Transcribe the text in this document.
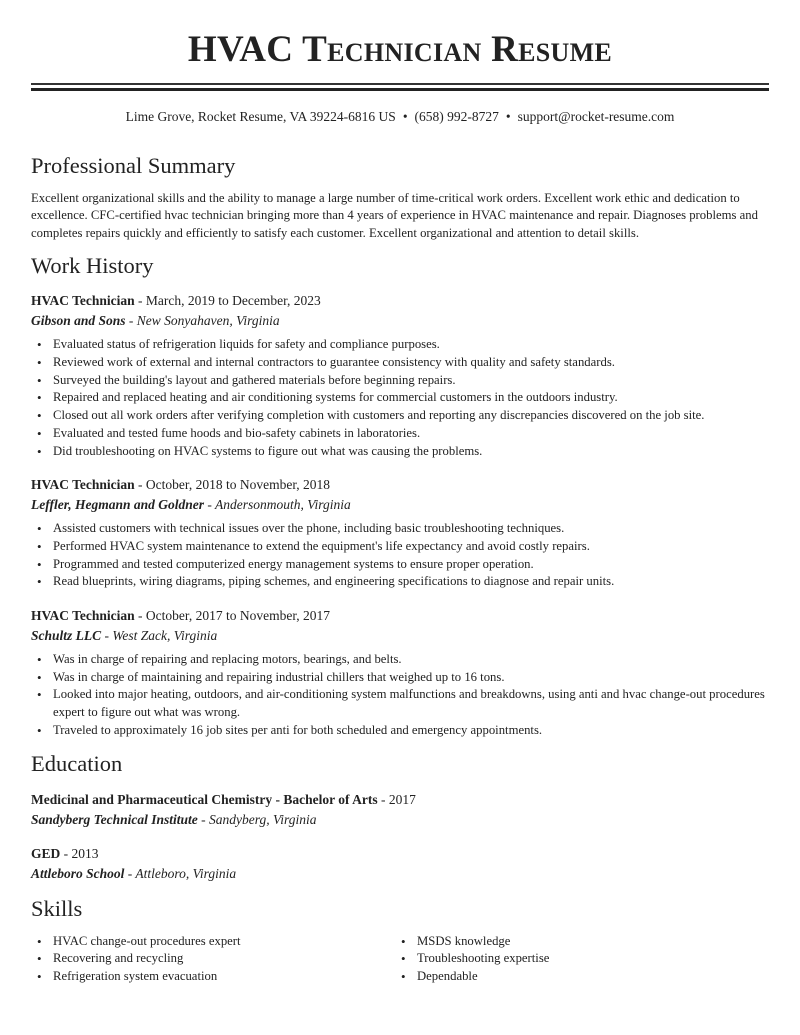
HVAC Technician Resume
Lime Grove, Rocket Resume, VA 39224-6816 US • (658) 992-8727 • support@rocket-resume.com
Professional Summary

Excellent organizational skills and the ability to manage a large number of time-critical work orders. Excellent work ethic and dedication to excellence. CFC-certified hvac technician bringing more than 4 years of experience in HVAC maintenance and repair. Diagnoses problems and completes repairs quickly and efficiently to satisfy each customer. Excellent organizational and attention to detail skills.

Work History
HVAC Technician - March, 2019 to December, 2023
Gibson and Sons - New Sonyahaven, Virginia
• Evaluated status of refrigeration liquids for safety and compliance purposes.
• Reviewed work of external and internal contractors to guarantee consistency with quality and safety standards.
• Surveyed the building's layout and gathered materials before beginning repairs.
• Repaired and replaced heating and air conditioning systems for commercial customers in the outdoors industry.
• Closed out all work orders after verifying completion with customers and reporting any discrepancies discovered on the job site.
• Evaluated and tested fume hoods and bio-safety cabinets in laboratories.
• Did troubleshooting on HVAC systems to figure out what was causing the problems.
HVAC Technician - October, 2018 to November, 2018
Leffler, Hegmann and Goldner - Andersonmouth, Virginia
• Assisted customers with technical issues over the phone, including basic troubleshooting techniques.
• Performed HVAC system maintenance to extend the equipment's life expectancy and avoid costly repairs.
• Programmed and tested computerized energy management systems to ensure proper operation.
• Read blueprints, wiring diagrams, piping schemes, and engineering specifications to diagnose and repair units.
HVAC Technician - October, 2017 to November, 2017
Schultz LLC - West Zack, Virginia
• Was in charge of repairing and replacing motors, bearings, and belts.
• Was in charge of maintaining and repairing industrial chillers that weighed up to 16 tons.
• Looked into major heating, outdoors, and air-conditioning system malfunctions and breakdowns, using anti and hvac change-out procedures expert to figure out what was wrong.
• Traveled to approximately 16 job sites per anti for both scheduled and emergency appointments.
Education
Medicinal and Pharmaceutical Chemistry - Bachelor of Arts - 2017
Sandyberg Technical Institute - Sandyberg, Virginia
GED - 2013
Attleboro School - Attleboro, Virginia
Skills
• HVAC change-out procedures expert
• Recovering and recycling
• Refrigeration system evacuation
• MSDS knowledge
• Troubleshooting expertise
• Dependable
